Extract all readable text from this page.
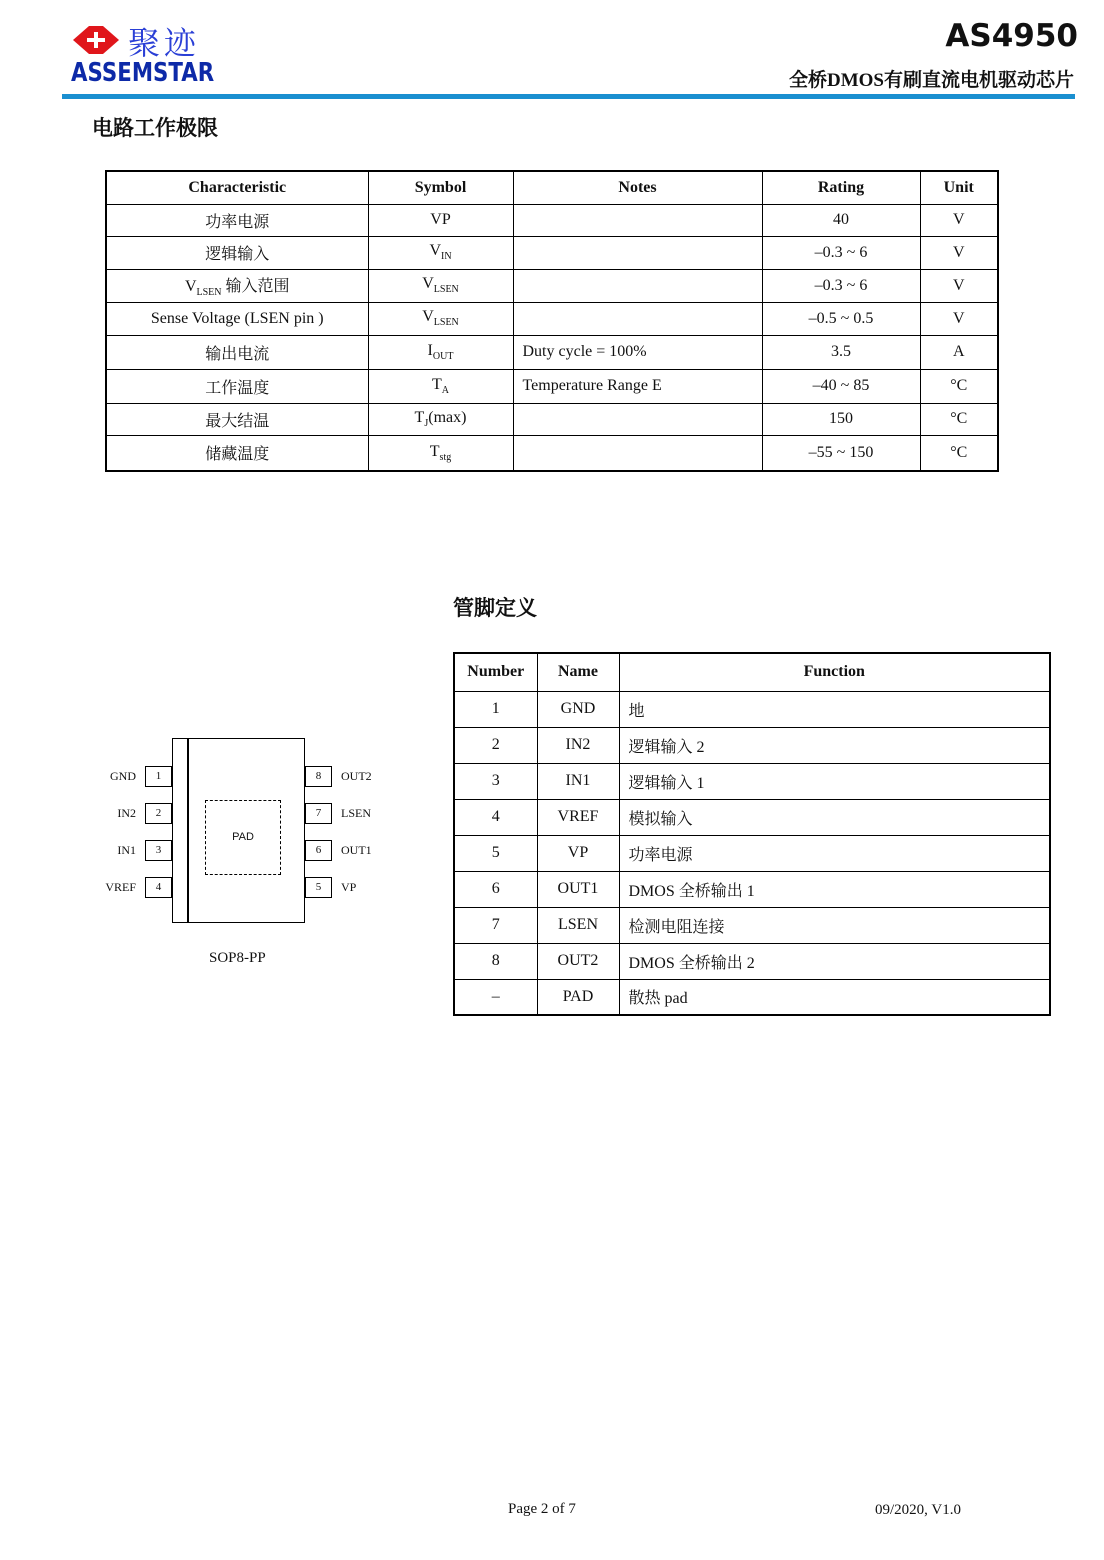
聚迹
ASSEMSTAR
AS4950
全桥DMOS有刷直流电机驱动芯片
电路工作极限
Characteristic	Symbol	Notes	Rating	Unit
功率电源	VP		40	V
逻辑输入	$V_{IN}$		–0.3 ~ 6	V
$V_{LSEN}$ 输入范围	$V_{LSEN}$		–0.3 ~ 6	V
Sense Voltage (LSEN pin )	$V_{LSEN}$		–0.5 ~ 0.5	V
输出电流	$I_{OUT}$	Duty cycle = 100%	3.5	A
工作温度	$T_A$	Temperature Range E	–40 ~ 85	°C
最大结温	$T_J(\max)$		150	°C
储藏温度	$T_{stg}$		–55 ~ 150	°C
管脚定义
Number	Name	Function
1	GND	地
2	IN2	逻辑输入 2
3	IN1	逻辑输入 1
4	VREF	模拟输入
5	VP	功率电源
6	OUT1	DMOS 全桥输出 1
7	LSEN	检测电阻连接
8	OUT2	DMOS 全桥输出 2
–	PAD	散热 pad
PAD
1
GND
2
IN2
3
IN1
4
VREF
8	OUT2
7	LSEN
6	OUT1
5	VP
SOP8-PP
Page 2 of 7	09/2020, V1.0
